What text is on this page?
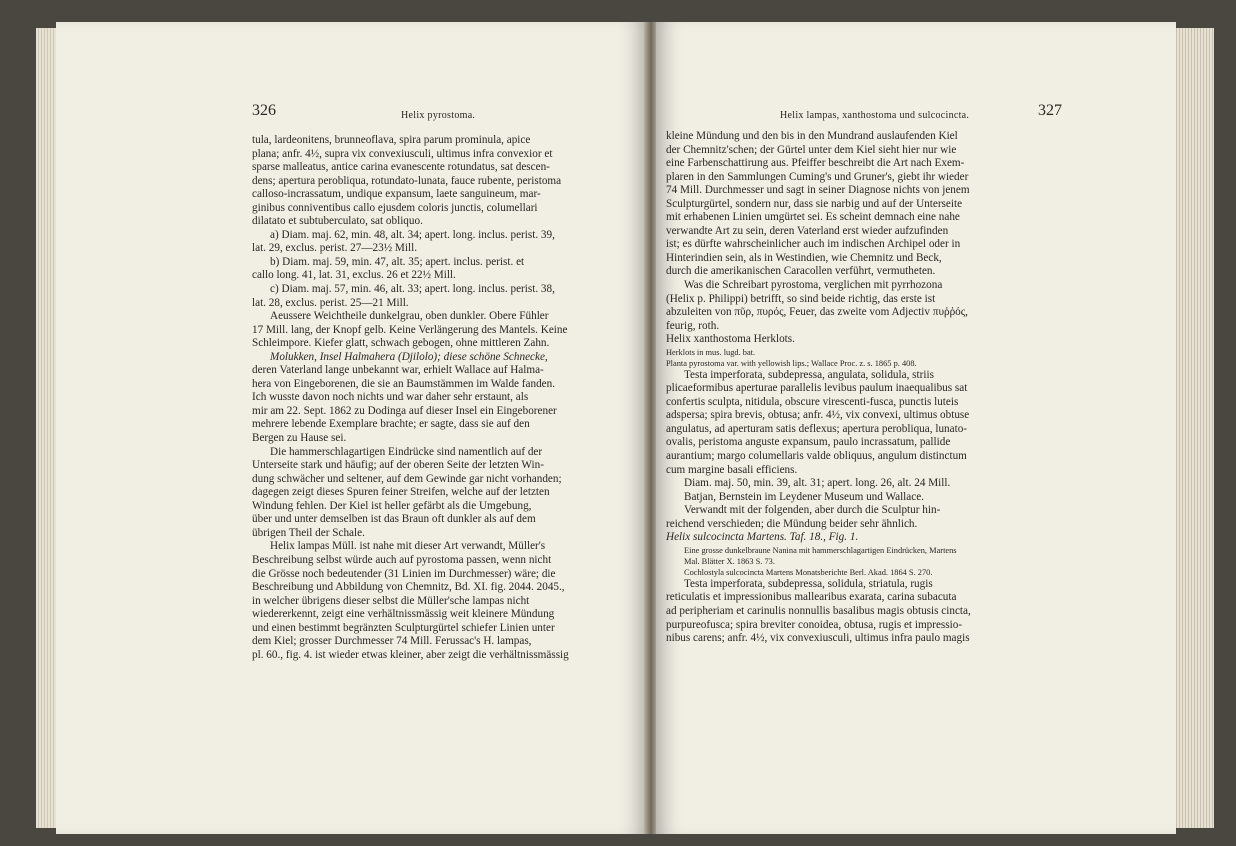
326	Helix pyrostoma.

tula, lardeonitens, brunneoflava, spira parum prominula, apice

plana; anfr. 4½, supra vix convexiusculi, ultimus infra convexior et

sparse malleatus, antice carina evanescente rotundatus, sat descen-

dens; apertura perobliqua, rotundato-lunata, fauce rubente, peristoma

calloso-incrassatum, undique expansum, laete sanguineum, mar-

ginibus conniventibus callo ejusdem coloris junctis, columellari

dilatato et subtuberculato, sat obliquo.

a) Diam. maj. 62, min. 48, alt. 34; apert. long. inclus. perist. 39,

lat. 29, exclus. perist. 27—23½ Mill.

b) Diam. maj. 59, min. 47, alt. 35; apert. inclus. perist. et

callo long. 41, lat. 31, exclus. 26 et 22½ Mill.

c) Diam. maj. 57, min. 46, alt. 33; apert. long. inclus. perist. 38,

lat. 28, exclus. perist. 25—21 Mill.

Aeussere Weichtheile dunkelgrau, oben dunkler. Obere Fühler

17 Mill. lang, der Knopf gelb. Keine Verlängerung des Mantels. Keine

Schleimpore. Kiefer glatt, schwach gebogen, ohne mittleren Zahn.

Molukken, Insel Halmahera (Djilolo); diese schöne Schnecke,

deren Vaterland lange unbekannt war, erhielt Wallace auf Halma-

hera von Eingeborenen, die sie an Baumstämmen im Walde fanden.

Ich wusste davon noch nichts und war daher sehr erstaunt, als

mir am 22. Sept. 1862 zu Dodinga auf dieser Insel ein Eingeborener

mehrere lebende Exemplare brachte; er sagte, dass sie auf den

Bergen zu Hause sei.

Die hammerschlagartigen Eindrücke sind namentlich auf der

Unterseite stark und häufig; auf der oberen Seite der letzten Win-

dung schwächer und seltener, auf dem Gewinde gar nicht vorhanden;

dagegen zeigt dieses Spuren feiner Streifen, welche auf der letzten

Windung fehlen. Der Kiel ist heller gefärbt als die Umgebung,

über und unter demselben ist das Braun oft dunkler als auf dem

übrigen Theil der Schale.

Helix lampas Müll. ist nahe mit dieser Art verwandt, Müller's

Beschreibung selbst würde auch auf pyrostoma passen, wenn nicht

die Grösse noch bedeutender (31 Linien im Durchmesser) wäre; die

Beschreibung und Abbildung von Chemnitz, Bd. XI. fig. 2044. 2045.,

in welcher übrigens dieser selbst die Müller'sche lampas nicht

wiedererkennt, zeigt eine verhältnissmässig weit kleinere Mündung

und einen bestimmt begränzten Sculpturgürtel schiefer Linien unter

dem Kiel; grosser Durchmesser 74 Mill. Ferussac's H. lampas,

pl. 60., fig. 4. ist wieder etwas kleiner, aber zeigt die verhältnissmässig

Helix lampas, xanthostoma und sulcocincta.	327

kleine Mündung und den bis in den Mundrand auslaufenden Kiel

der Chemnitz'schen; der Gürtel unter dem Kiel sieht hier nur wie

eine Farbenschattirung aus. Pfeiffer beschreibt die Art nach Exem-

plaren in den Sammlungen Cuming's und Gruner's, giebt ihr wieder

74 Mill. Durchmesser und sagt in seiner Diagnose nichts von jenem

Sculpturgürtel, sondern nur, dass sie narbig und auf der Unterseite

mit erhabenen Linien umgürtet sei. Es scheint demnach eine nahe

verwandte Art zu sein, deren Vaterland erst wieder aufzufinden

ist; es dürfte wahrscheinlicher auch im indischen Archipel oder in

Hinterindien sein, als in Westindien, wie Chemnitz und Beck,

durch die amerikanischen Caracollen verführt, vermutheten.

Was die Schreibart pyrostoma, verglichen mit pyrrhozona

(Helix p. Philippi) betrifft, so sind beide richtig, das erste ist

abzuleiten von πῦρ, πυρός, Feuer, das zweite vom Adjectiv πυῤῥός,

feurig, roth.

Helix xanthostoma Herklots.

Herklots in mus. lugd. bat.

Planta pyrostoma var. with yellowish lips.; Wallace Proc. z. s. 1865 p. 408.

Testa imperforata, subdepressa, angulata, solidula, striis

plicaeformibus aperturae parallelis levibus paulum inaequalibus sat

confertis sculpta, nitidula, obscure virescenti-fusca, punctis luteis

adspersa; spira brevis, obtusa; anfr. 4½, vix convexi, ultimus obtuse

angulatus, ad aperturam satis deflexus; apertura perobliqua, lunato-

ovalis, peristoma anguste expansum, paulo incrassatum, pallide

aurantium; margo columellaris valde obliquus, angulum distinctum

cum margine basali efficiens.

Diam. maj. 50, min. 39, alt. 31; apert. long. 26, alt. 24 Mill.

Batjan, Bernstein im Leydener Museum und Wallace.

Verwandt mit der folgenden, aber durch die Sculptur hin-

reichend verschieden; die Mündung beider sehr ähnlich.

Helix sulcocincta Martens. Taf. 18., Fig. 1.

Eine grosse dunkelbraune Nanina mit hammerschlagartigen Eindrücken, Martens

Mal. Blätter X. 1863 S. 73.

Cochlostyla sulcocincta Martens Monatsberichte Berl. Akad. 1864 S. 270.

Testa imperforata, subdepressa, solidula, striatula, rugis

reticulatis et impressionibus mallearibus exarata, carina subacuta

ad peripheriam et carinulis nonnullis basalibus magis obtusis cincta,

purpureofusca; spira breviter conoidea, obtusa, rugis et impressio-

nibus carens; anfr. 4½, vix convexiusculi, ultimus infra paulo magis
